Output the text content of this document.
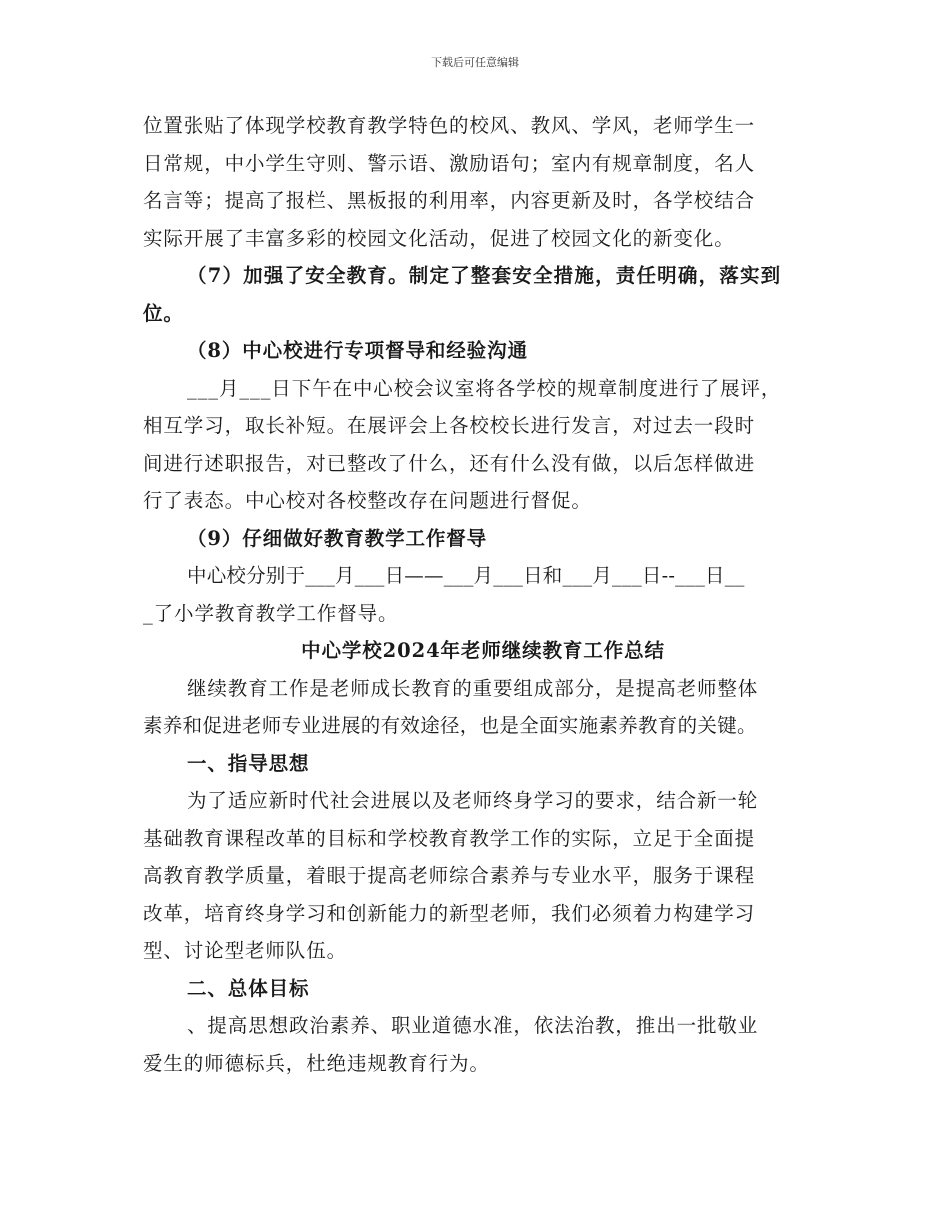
下载后可任意编辑
位置张贴了体现学校教育教学特色的校风、教风、学风，老师学生一
日常规，中小学生守则、警示语、激励语句；室内有规章制度，名人
名言等；提高了报栏、黑板报的利用率，内容更新及时，各学校结合
实际开展了丰富多彩的校园文化活动，促进了校园文化的新变化。
（7）加强了安全教育。制定了整套安全措施，责任明确，落实到
位。
（8）中心校进行专项督导和经验沟通
___月___日下午在中心校会议室将各学校的规章制度进行了展评，
相互学习，取长补短。在展评会上各校校长进行发言，对过去一段时
间进行述职报告，对已整改了什么，还有什么没有做，以后怎样做进
行了表态。中心校对各校整改存在问题进行督促。
（9）仔细做好教育教学工作督导
中心校分别于___月___日——___月___日和___月___日--___日__
_了小学教育教学工作督导。
中心学校2024年老师继续教育工作总结
继续教育工作是老师成长教育的重要组成部分，是提高老师整体
素养和促进老师专业进展的有效途径，也是全面实施素养教育的关键。
一、指导思想
为了适应新时代社会进展以及老师终身学习的要求，结合新一轮
基础教育课程改革的目标和学校教育教学工作的实际，立足于全面提
高教育教学质量，着眼于提高老师综合素养与专业水平，服务于课程
改革，培育终身学习和创新能力的新型老师，我们必须着力构建学习
型、讨论型老师队伍。
二、总体目标
、提高思想政治素养、职业道德水准，依法治教，推出一批敬业
爱生的师德标兵，杜绝违规教育行为。
